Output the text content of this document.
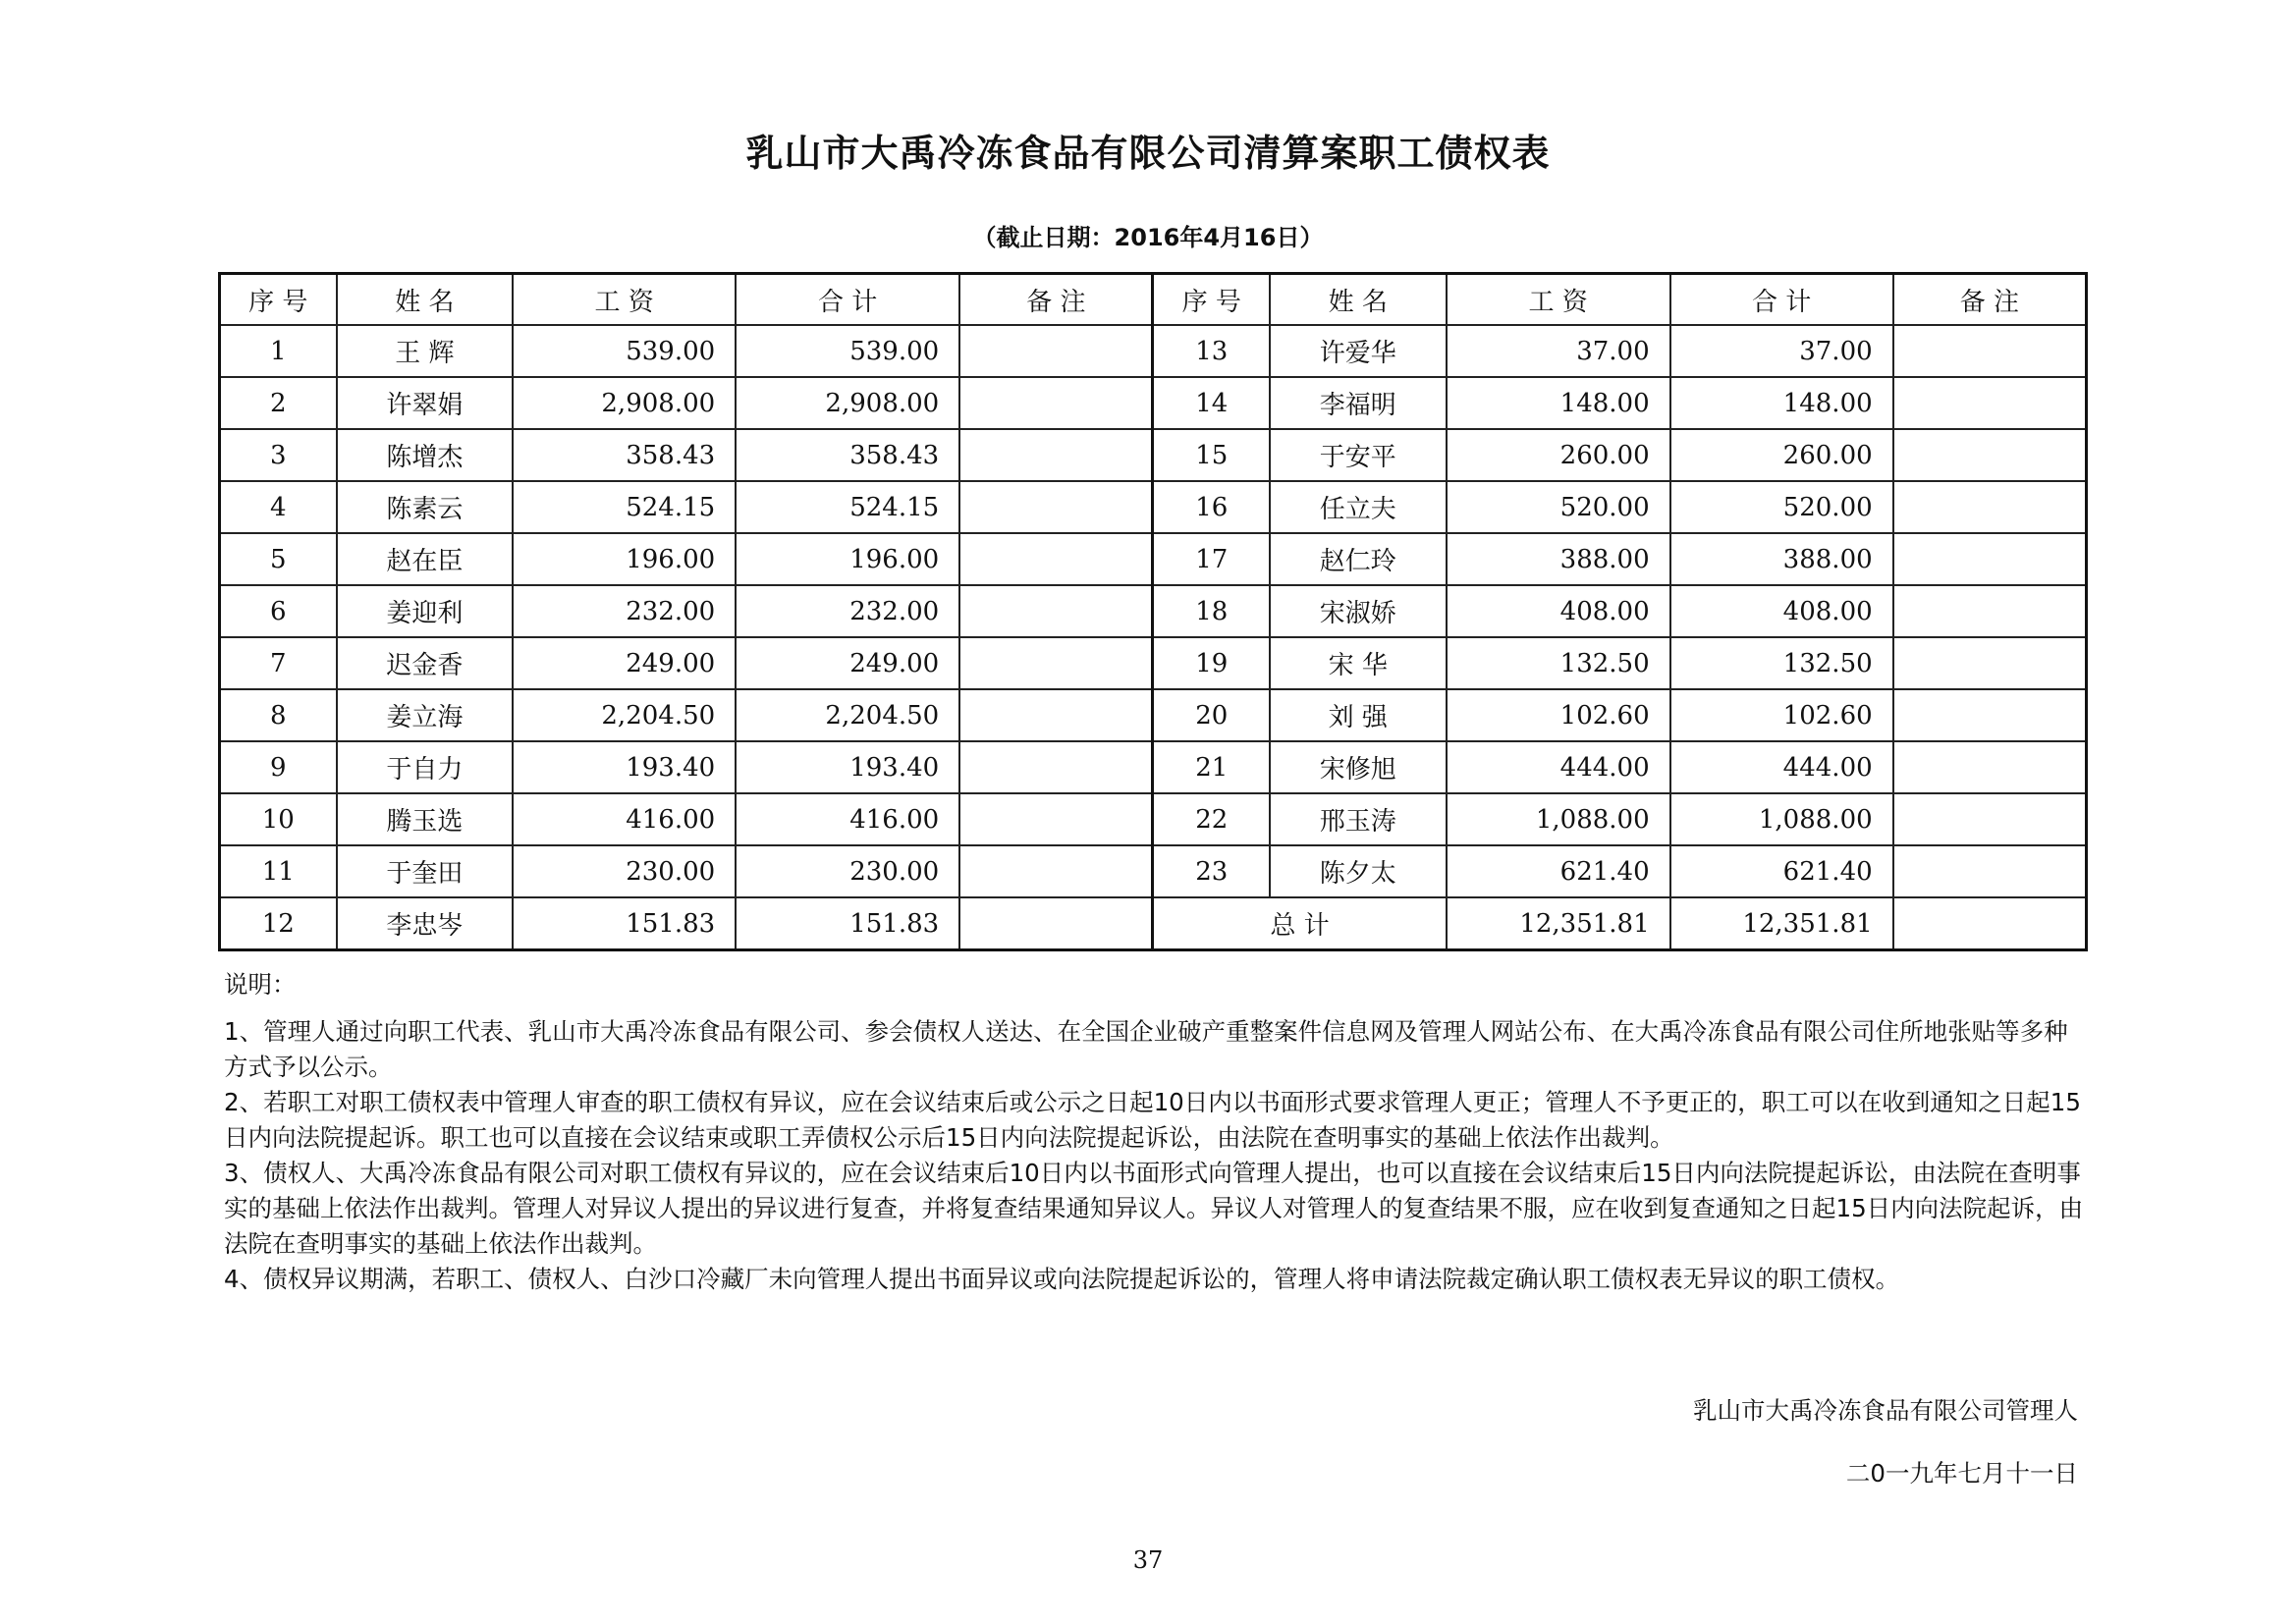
乳山市大禹冷冻食品有限公司清算案职工债权表
（截止日期：2016年4月16日）
序 号	姓 名	工 资	合 计	备 注	序 号	姓 名	工 资	合 计	备 注
1	王 辉	539.00	539.00		13	许爱华	37.00	37.00	
2	许翠娟	2,908.00	2,908.00		14	李福明	148.00	148.00	
3	陈增杰	358.43	358.43		15	于安平	260.00	260.00	
4	陈素云	524.15	524.15		16	任立夫	520.00	520.00	
5	赵在臣	196.00	196.00		17	赵仁玲	388.00	388.00	
6	姜迎利	232.00	232.00		18	宋淑娇	408.00	408.00	
7	迟金香	249.00	249.00		19	宋 华	132.50	132.50	
8	姜立海	2,204.50	2,204.50		20	刘 强	102.60	102.60	
9	于自力	193.40	193.40		21	宋修旭	444.00	444.00	
10	腾玉选	416.00	416.00		22	邢玉涛	1,088.00	1,088.00	
11	于奎田	230.00	230.00		23	陈夕太	621.40	621.40	
12	李忠岑	151.83	151.83		总 计		12,351.81	12,351.81	

说明：

1、管理人通过向职工代表、乳山市大禹冷冻食品有限公司、参会债权人送达、在全国企业破产重整案件信息网及管理人网站公布、在大禹冷冻食品有限公司住所地张贴等多种方式予以公示。

2、若职工对职工债权表中管理人审查的职工债权有异议，应在会议结束后或公示之日起10日内以书面形式要求管理人更正；管理人不予更正的，职工可以在收到通知之日起15日内向法院提起诉。职工也可以直接在会议结束或职工弄债权公示后15日内向法院提起诉讼，由法院在查明事实的基础上依法作出裁判。

3、债权人、大禹冷冻食品有限公司对职工债权有异议的，应在会议结束后10日内以书面形式向管理人提出，也可以直接在会议结束后15日内向法院提起诉讼，由法院在查明事实的基础上依法作出裁判。管理人对异议人提出的异议进行复查，并将复查结果通知异议人。异议人对管理人的复查结果不服，应在收到复查通知之日起15日内向法院起诉，由法院在查明事实的基础上依法作出裁判。

4、债权异议期满，若职工、债权人、白沙口冷藏厂未向管理人提出书面异议或向法院提起诉讼的，管理人将申请法院裁定确认职工债权表无异议的职工债权。

乳山市大禹冷冻食品有限公司管理人
二0一九年七月十一日
37
